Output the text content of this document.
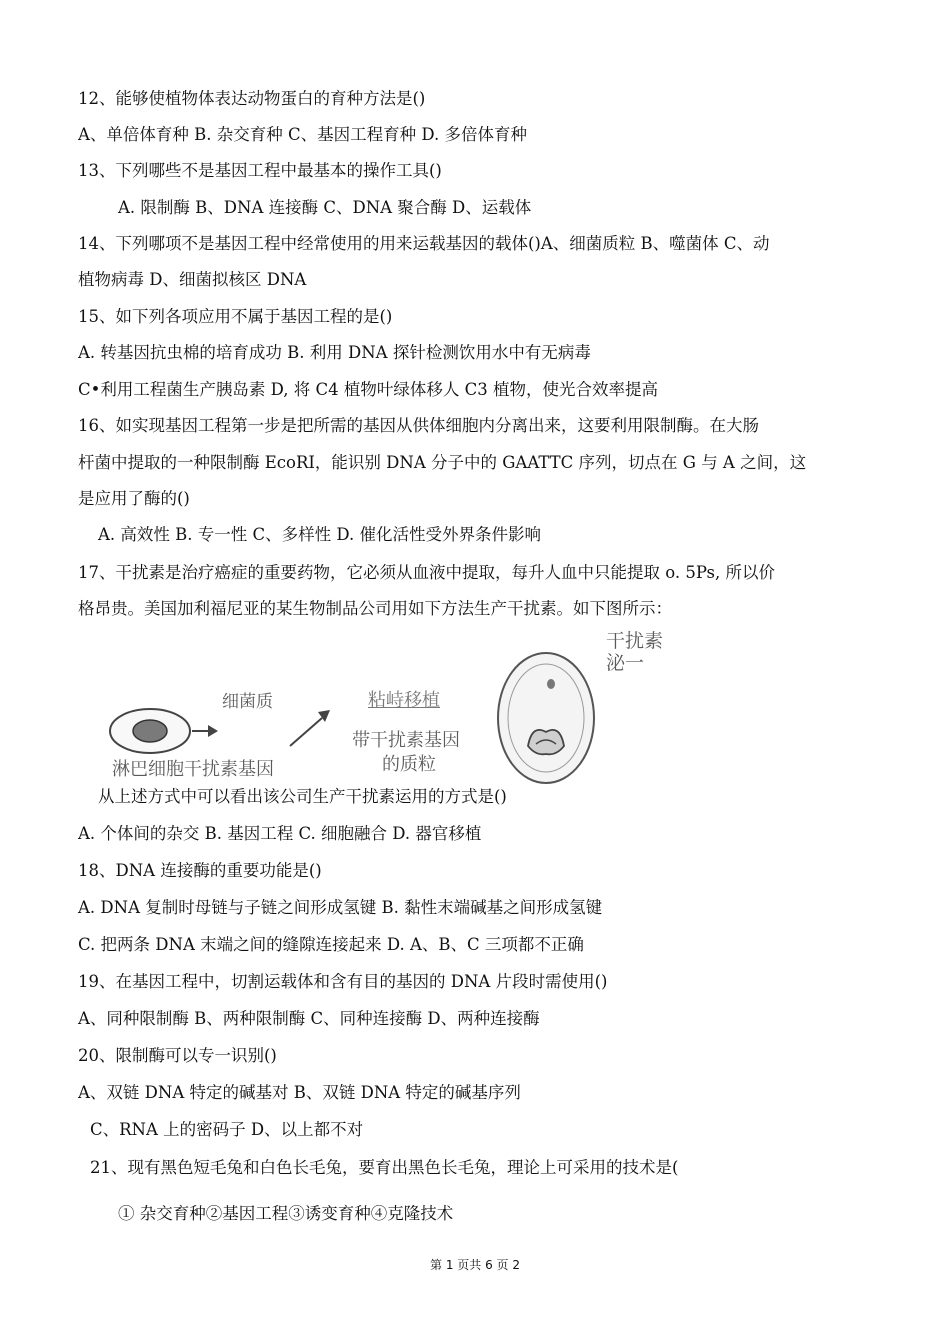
12、能够使植物体表达动物蛋白的育种方法是()
A、单倍体育种 B. 杂交育种 C、基因工程育种 D. 多倍体育种
13、下列哪些不是基因工程中最基本的操作工具()
A. 限制酶 B、DNA 连接酶 C、DNA 聚合酶 D、运载体
14、下列哪项不是基因工程中经常使用的用来运载基因的载体()A、细菌质粒 B、噬菌体 C、动
植物病毒 D、细菌拟核区 DNA
15、如下列各项应用不属于基因工程的是()
A. 转基因抗虫棉的培育成功 B. 利用 DNA 探针检测饮用水中有无病毒
C•利用工程菌生产胰岛素 D, 将 C4 植物叶绿体移人 C3 植物，使光合效率提高
16、如实现基因工程第一步是把所需的基因从供体细胞内分离出来，这要利用限制酶。在大肠
杆菌中提取的一种限制酶 EcoRI，能识别 DNA 分子中的 GAATTC 序列，切点在 G 与 A 之间，这
是应用了酶的()
A. 高效性 B. 专一性 C、多样性 D. 催化活性受外界条件影响
17、干扰素是治疗癌症的重要药物，它必须从血液中提取，每升人血中只能提取 o. 5Ps, 所以价
格昂贵。美国加利福尼亚的某生物制品公司用如下方法生产干扰素。如下图所示：
干扰素
泌一
细菌质	粘峙移植
带干扰素基因
的质粒
淋巴细胞干扰素基因
从上述方式中可以看出该公司生产干扰素运用的方式是()
A. 个体间的杂交 B. 基因工程 C. 细胞融合 D. 器官移植
18、DNA 连接酶的重要功能是()
A. DNA 复制时母链与子链之间形成氢键 B. 黏性末端碱基之间形成氢键
C. 把两条 DNA 末端之间的缝隙连接起来 D. A、B、C 三项都不正确
19、在基因工程中，切割运载体和含有目的基因的 DNA 片段时需使用()
A、同种限制酶 B、两种限制酶 C、同种连接酶 D、两种连接酶
20、限制酶可以专一识别()
A、双链 DNA 特定的碱基对 B、双链 DNA 特定的碱基序列
C、RNA 上的密码子 D、以上都不对
21、现有黑色短毛兔和白色长毛兔，要育出黑色长毛兔，理论上可采用的技术是(
① 杂交育种②基因工程③诱变育种④克隆技术
第 1 页共 6 页 2
